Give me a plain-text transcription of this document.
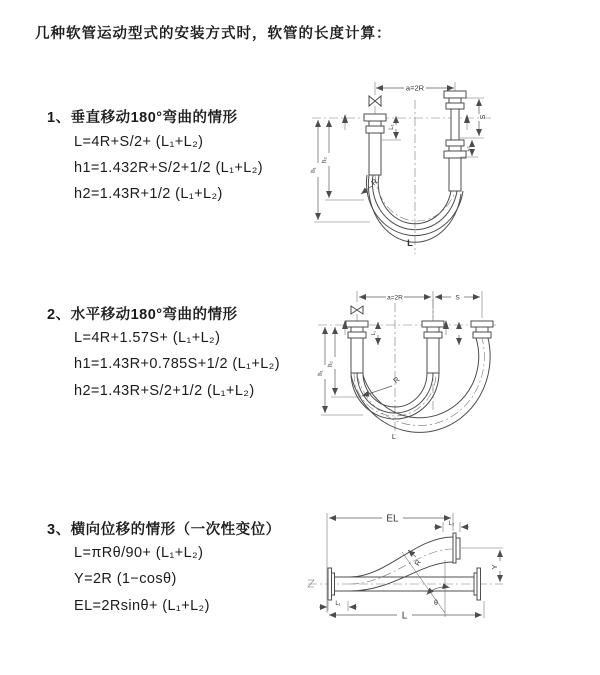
几种软管运动型式的安装方式时，软管的长度计算：
1、垂直移动180°弯曲的情形
L=4R+S/2+ (L₁+L₂)
h1=1.432R+S/2+1/2 (L₁+L₂)
h2=1.43R+1/2 (L₁+L₂)
2、水平移动180°弯曲的情形
L=4R+1.57S+ (L₁+L₂)
h1=1.43R+0.785S+1/2 (L₁+L₂)
h2=1.43R+S/2+1/2 (L₁+L₂)
3、横向位移的情形（一次性变位）
L=πRθ/90+ (L₁+L₂)
Y=2R (1−cosθ)
EL=2Rsinθ+ (L₁+L₂)
a=2R
L₁
S
L₂
h₁
h₂
R
L
a=2R	S
L₁
h₁
h₂
R
L
EL	L₂
θ
R	Y
L₁
L
